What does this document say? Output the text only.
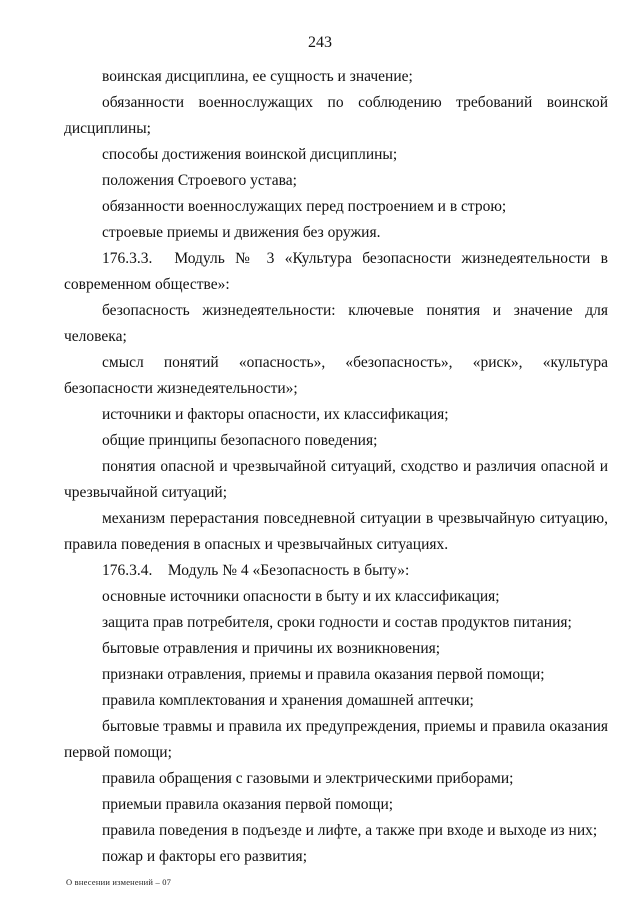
243

воинская дисциплина, ее сущность и значение;

обязанности военнослужащих по соблюдению требований воинской дисциплины;

способы достижения воинской дисциплины;

положения Строевого устава;

обязанности военнослужащих перед построением и в строю;

строевые приемы и движения без оружия.

176.3.3. Модуль № 3 «Культура безопасности жизнедеятельности в современном обществе»:

безопасность жизнедеятельности: ключевые понятия и значение для человека;

смысл понятий «опасность», «безопасность», «риск», «культура безопасности жизнедеятельности»;

источники и факторы опасности, их классификация;

общие принципы безопасного поведения;

понятия опасной и чрезвычайной ситуаций, сходство и различия опасной и чрезвычайной ситуаций;

механизм перерастания повседневной ситуации в чрезвычайную ситуацию, правила поведения в опасных и чрезвычайных ситуациях.

176.3.4. Модуль № 4 «Безопасность в быту»:

основные источники опасности в быту и их классификация;

защита прав потребителя, сроки годности и состав продуктов питания;

бытовые отравления и причины их возникновения;

признаки отравления, приемы и правила оказания первой помощи;

правила комплектования и хранения домашней аптечки;

бытовые травмы и правила их предупреждения, приемы и правила оказания первой помощи;

правила обращения с газовыми и электрическими приборами;

приемыи правила оказания первой помощи;

правила поведения в подъезде и лифте, а также при входе и выходе из них;

пожар и факторы его развития;

О внесении изменений – 07
